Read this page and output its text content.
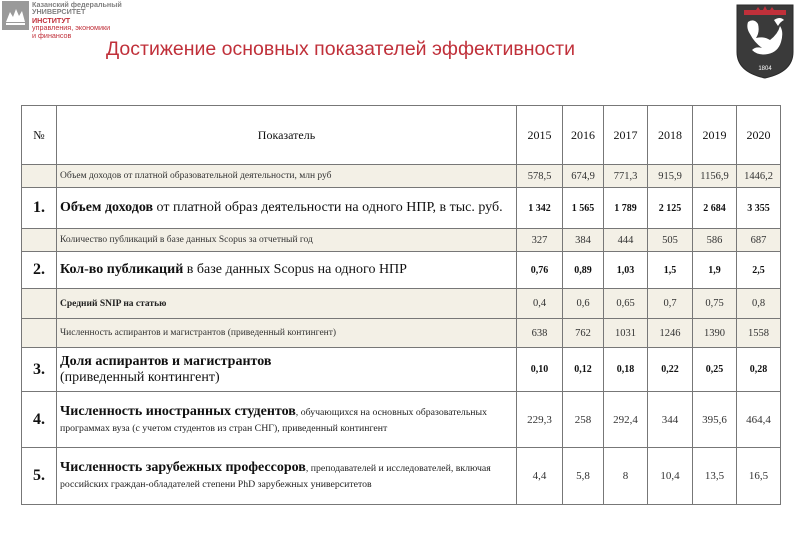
Казанский федеральный
УНИВЕРСИТЕТ
ИНСТИТУТ
управления, экономики
и финансов
1804
Достижение основных показателей эффективности
№	Показатель	2015	2016	2017	2018	2019	2020
	Объем доходов от платной образовательной деятельности, млн руб	578,5	674,9	771,3	915,9	1156,9	1446,2
1.	Объем доходов от платной образ деятельности на одного НПР, в тыс. руб.	1 342	1 565	1 789	2 125	2 684	3 355
	Количество публикаций в базе данных Scopus за отчетный год	327	384	444	505	586	687
2.	Кол-во публикаций в базе данных Scopus на одного НПР	0,76	0,89	1,03	1,5	1,9	2,5
	Средний SNIP на статью	0,4	0,6	0,65	0,7	0,75	0,8
	Численность аспирантов и магистрантов (приведенный контингент)	638	762	1031	1246	1390	1558
3.	Доля аспирантов и магистрантов
(приведенный контингент)	0,10	0,12	0,18	0,22	0,25	0,28
4.	Численность иностранных студентов, обучающихся на основных образовательных программах вуза (с учетом студентов из стран СНГ), приведенный контингент	229,3	258	292,4	344	395,6	464,4
5.	Численность зарубежных профессоров, преподавателей и исследователей, включая российских граждан-обладателей степени PhD зарубежных университетов	4,4	5,8	8	10,4	13,5	16,5
